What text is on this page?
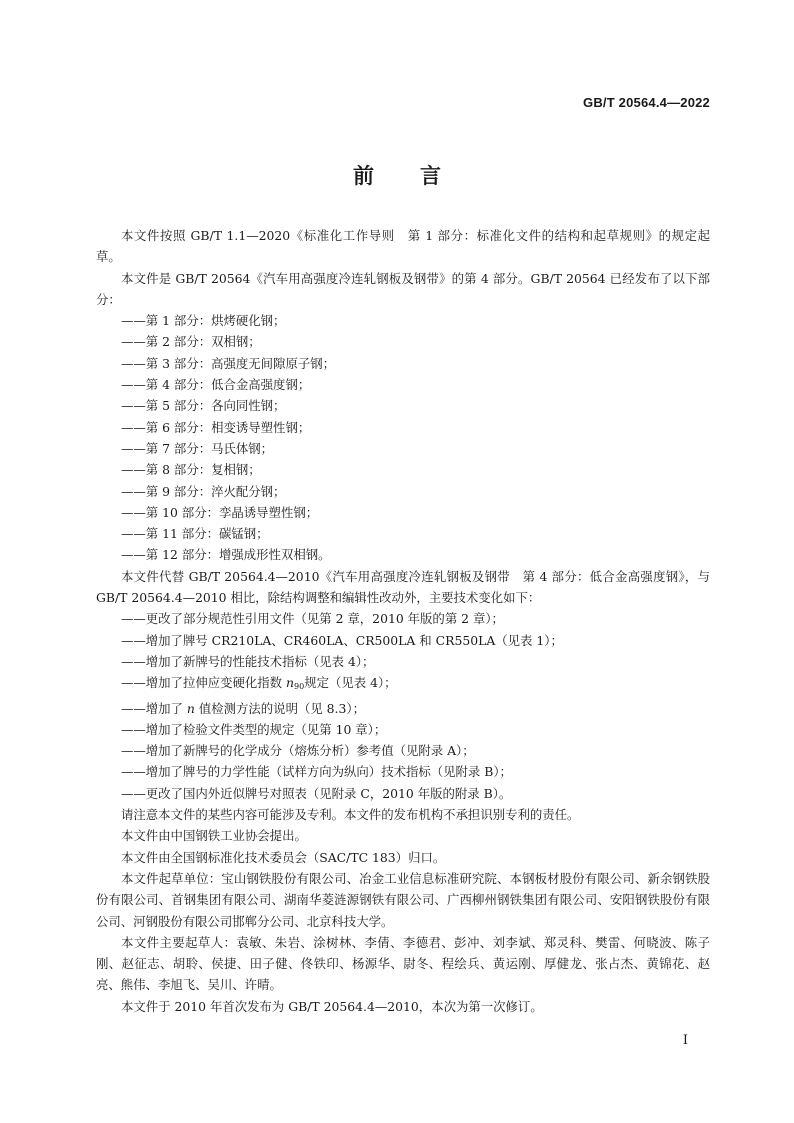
GB/T 20564.4—2022
前言

本文件按照 GB/T 1.1—2020《标准化工作导则　第 1 部分：标准化文件的结构和起草规则》的规定起草。

本文件是 GB/T 20564《汽车用高强度冷连轧钢板及钢带》的第 4 部分。GB/T 20564 已经发布了以下部分：

——第 1 部分：烘烤硬化钢；

——第 2 部分：双相钢；

——第 3 部分：高强度无间隙原子钢；

——第 4 部分：低合金高强度钢；

——第 5 部分：各向同性钢；

——第 6 部分：相变诱导塑性钢；

——第 7 部分：马氏体钢；

——第 8 部分：复相钢；

——第 9 部分：淬火配分钢；

——第 10 部分：孪晶诱导塑性钢；

——第 11 部分：碳锰钢；

——第 12 部分：增强成形性双相钢。

本文件代替 GB/T 20564.4—2010《汽车用高强度冷连轧钢板及钢带　第 4 部分：低合金高强度钢》，与 GB/T 20564.4—2010 相比，除结构调整和编辑性改动外，主要技术变化如下：

——更改了部分规范性引用文件（见第 2 章，2010 年版的第 2 章）；

——增加了牌号 CR210LA、CR460LA、CR500LA 和 CR550LA（见表 1）；

——增加了新牌号的性能技术指标（见表 4）；

——增加了拉伸应变硬化指数 $n_{90}$规定（见表 4）；

——增加了 n 值检测方法的说明（见 8.3）；

——增加了检验文件类型的规定（见第 10 章）；

——增加了新牌号的化学成分（熔炼分析）参考值（见附录 A）；

——增加了牌号的力学性能（试样方向为纵向）技术指标（见附录 B）；

——更改了国内外近似牌号对照表（见附录 C，2010 年版的附录 B）。

请注意本文件的某些内容可能涉及专利。本文件的发布机构不承担识别专利的责任。

本文件由中国钢铁工业协会提出。

本文件由全国钢标准化技术委员会（SAC/TC 183）归口。

本文件起草单位：宝山钢铁股份有限公司、冶金工业信息标准研究院、本钢板材股份有限公司、新余钢铁股份有限公司、首钢集团有限公司、湖南华菱涟源钢铁有限公司、广西柳州钢铁集团有限公司、安阳钢铁股份有限公司、河钢股份有限公司邯郸分公司、北京科技大学。

本文件主要起草人：袁敏、朱岩、涂树林、李倩、李德君、彭冲、刘李斌、郑灵科、樊雷、何晓波、陈子刚、赵征志、胡聆、侯捷、田子健、佟铁印、杨源华、尉冬、程绘兵、黄运刚、厚健龙、张占杰、黄锦花、赵亮、熊伟、李旭飞、吴川、许晴。

本文件于 2010 年首次发布为 GB/T 20564.4—2010，本次为第一次修订。

I
